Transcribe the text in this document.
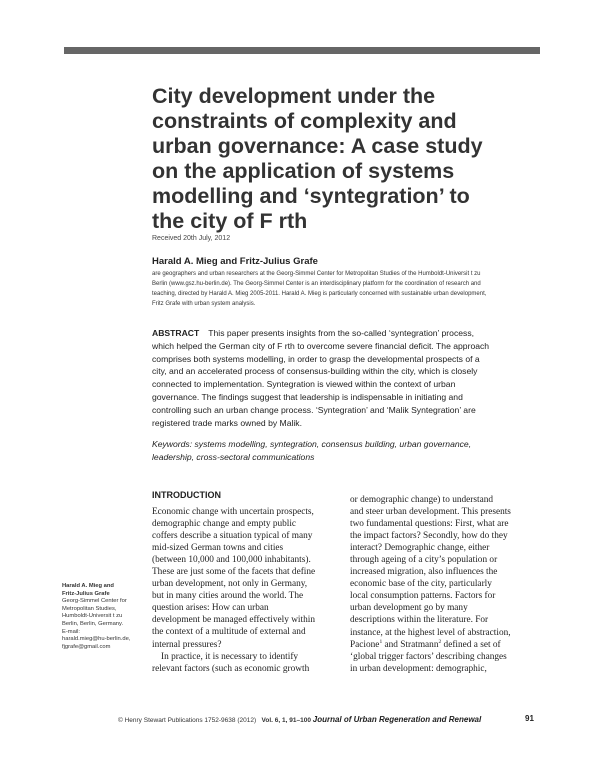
City development under the
constraints of complexity and
urban governance: A case study
on the application of systems
modelling and ‘syntegration’ to
the city of F rth
Received 20th July, 2012
Harald A. Mieg and Fritz-Julius Grafe
are geographers and urban researchers at the Georg-Simmel Center for Metropolitan Studies of the Humboldt-Universit t zu
Berlin (www.gsz.hu-berlin.de). The Georg-Simmel Center is an interdisciplinary platform for the coordination of research and
teaching, directed by Harald A. Mieg 2005-2011. Harald A. Mieg is particularly concerned with sustainable urban development,
Fritz Grafe with urban system analysis.
ABSTRACT This paper presents insights from the so-called ‘syntegration’ process,
which helped the German city of F rth to overcome severe financial deficit. The approach
comprises both systems modelling, in order to grasp the developmental prospects of a
city, and an accelerated process of consensus-building within the city, which is closely
connected to implementation. Syntegration is viewed within the context of urban
governance. The findings suggest that leadership is indispensable in initiating and
controlling such an urban change process. ‘Syntegration’ and ‘Malik Syntegration’ are
registered trade marks owned by Malik.
Keywords: systems modelling, syntegration, consensus building, urban governance,
leadership, cross-sectoral communications
INTRODUCTION
Economic change with uncertain prospects,
demographic change and empty public
coffers describe a situation typical of many
mid-sized German towns and cities
(between 10,000 and 100,000 inhabitants).
These are just some of the facets that define
urban development, not only in Germany,
but in many cities around the world. The
question arises: How can urban
development be managed effectively within
the context of a multitude of external and
internal pressures?
In practice, it is necessary to identify
relevant factors (such as economic growth
or demographic change) to understand
and steer urban development. This presents
two fundamental questions: First, what are
the impact factors? Secondly, how do they
interact? Demographic change, either
through ageing of a city’s population or
increased migration, also influences the
economic base of the city, particularly
local consumption patterns. Factors for
urban development go by many
descriptions within the literature. For
instance, at the highest level of abstraction,
Pacione$^1$ and Stratmann$^2$ defined a set of
‘global trigger factors’ describing changes
in urban development: demographic,
Harald A. Mieg and
Fritz-Julius Grafe
Georg-Simmel Center for
Metropolitan Studies,
Humboldt-Universit t zu
Berlin, Berlin, Germany.
E-mail:
harald.mieg@hu-berlin.de,
fjgrafe@gmail.com
© Henry Stewart Publications 1752-9638 (2012) Vol. 6, 1, 91–100 Journal of Urban Regeneration and Renewal	91
